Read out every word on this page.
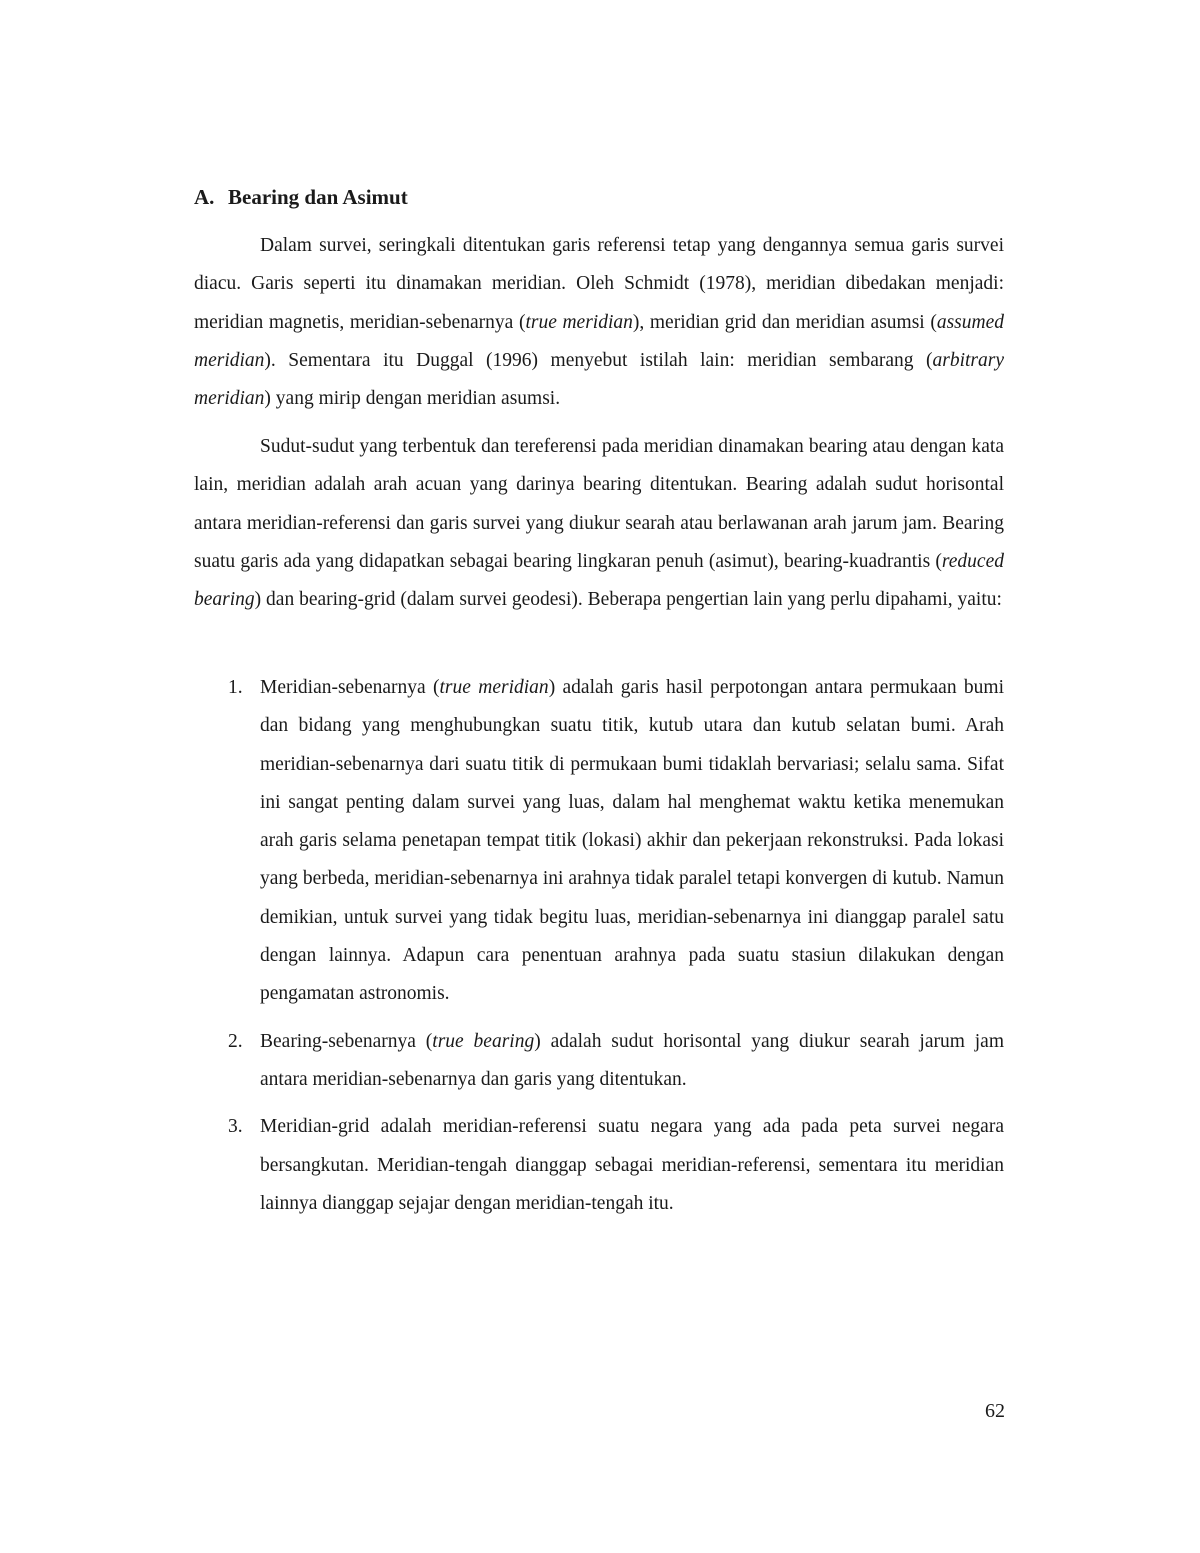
A. Bearing dan Asimut

Dalam survei, seringkali ditentukan garis referensi tetap yang dengannya semua garis survei diacu. Garis seperti itu dinamakan meridian. Oleh Schmidt (1978), meridian dibedakan menjadi: meridian magnetis, meridian-sebenarnya (true meridian), meridian grid dan meridian asumsi (assumed meridian). Sementara itu Duggal (1996) menyebut istilah lain: meridian sembarang (arbitrary meridian) yang mirip dengan meridian asumsi.

Sudut-sudut yang terbentuk dan tereferensi pada meridian dinamakan bearing atau dengan kata lain, meridian adalah arah acuan yang darinya bearing ditentukan. Bearing adalah sudut horisontal antara meridian-referensi dan garis survei yang diukur searah atau berlawanan arah jarum jam. Bearing suatu garis ada yang didapatkan sebagai bearing lingkaran penuh (asimut), bearing-kuadrantis (reduced bearing) dan bearing-grid (dalam survei geodesi). Beberapa pengertian lain yang perlu dipahami, yaitu:

1. Meridian-sebenarnya (true meridian) adalah garis hasil perpotongan antara permukaan bumi dan bidang yang menghubungkan suatu titik, kutub utara dan kutub selatan bumi. Arah meridian-sebenarnya dari suatu titik di permukaan bumi tidaklah bervariasi; selalu sama. Sifat ini sangat penting dalam survei yang luas, dalam hal menghemat waktu ketika menemukan arah garis selama penetapan tempat titik (lokasi) akhir dan pekerjaan rekonstruksi. Pada lokasi yang berbeda, meridian-sebenarnya ini arahnya tidak paralel tetapi konvergen di kutub. Namun demikian, untuk survei yang tidak begitu luas, meridian-sebenarnya ini dianggap paralel satu dengan lainnya. Adapun cara penentuan arahnya pada suatu stasiun dilakukan dengan pengamatan astronomis.
2. Bearing-sebenarnya (true bearing) adalah sudut horisontal yang diukur searah jarum jam antara meridian-sebenarnya dan garis yang ditentukan.
3. Meridian-grid adalah meridian-referensi suatu negara yang ada pada peta survei negara bersangkutan. Meridian-tengah dianggap sebagai meridian-referensi, sementara itu meridian lainnya dianggap sejajar dengan meridian-tengah itu.
62
